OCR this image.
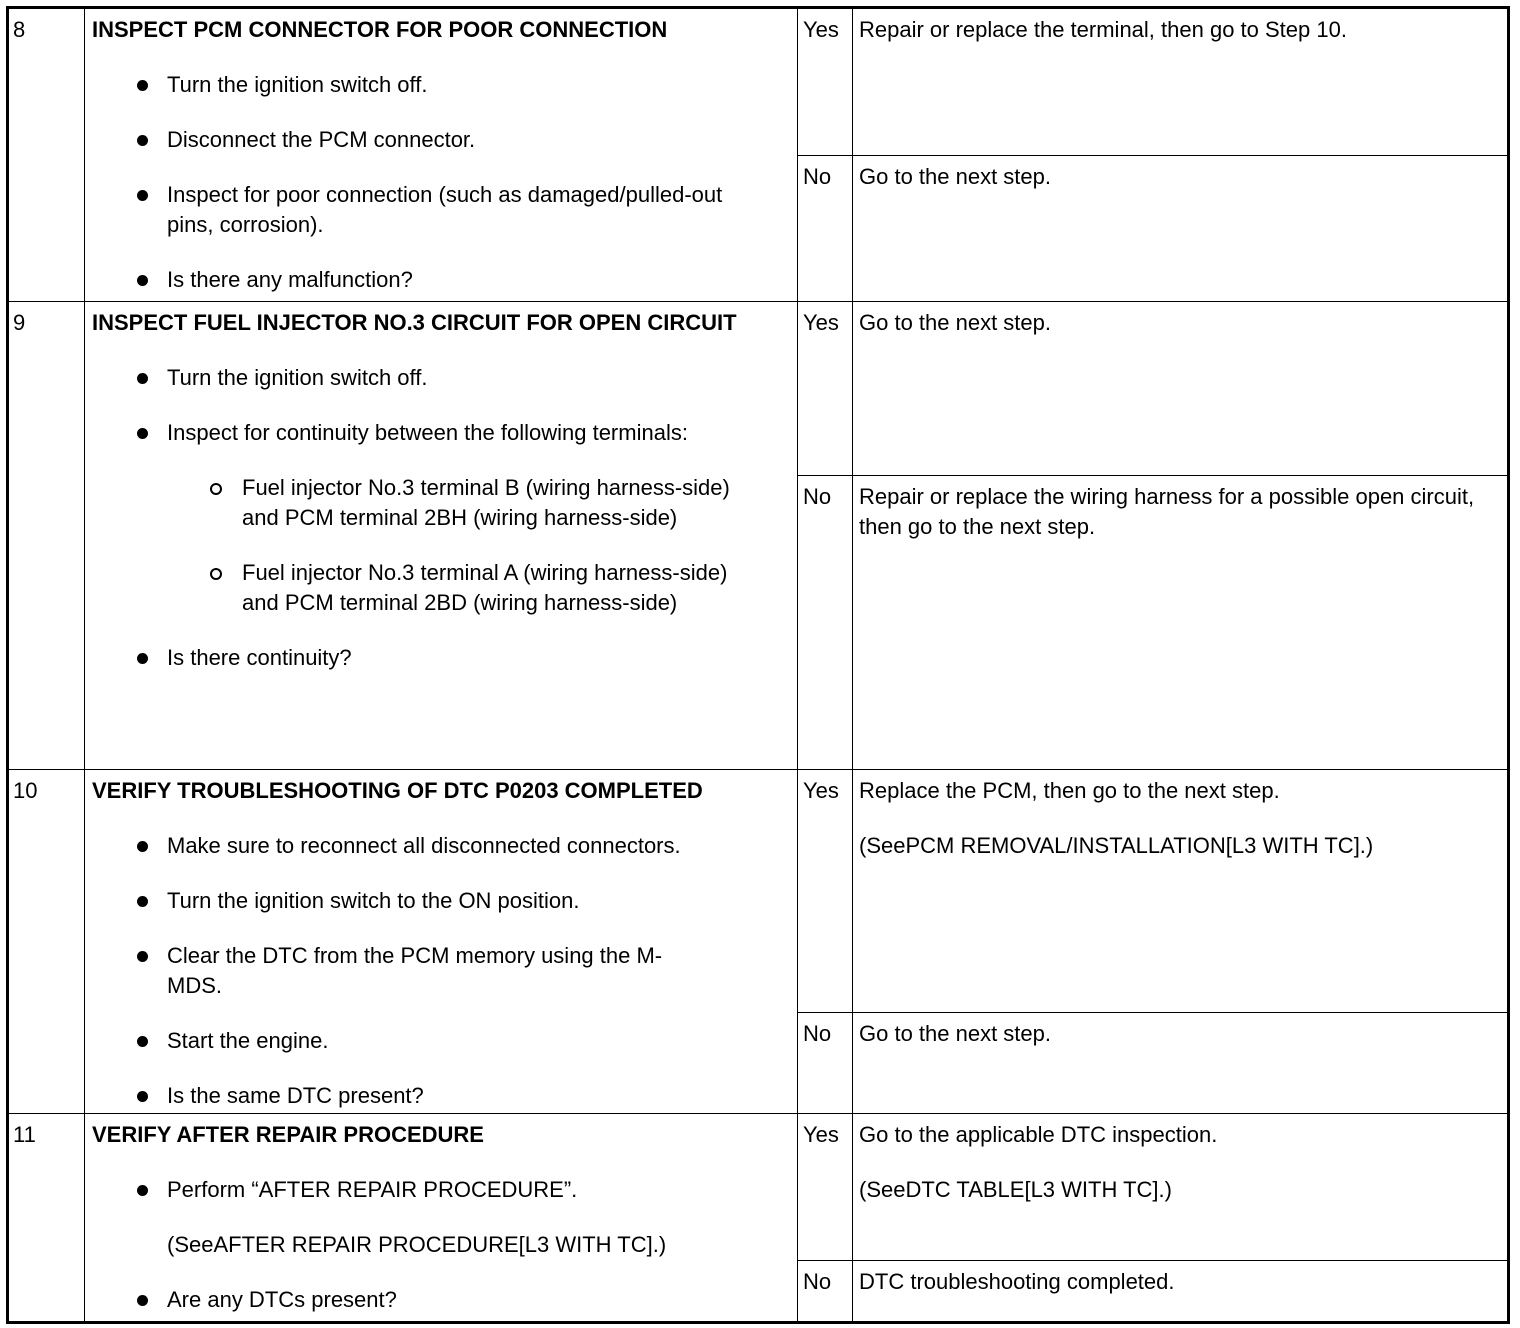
8	INSPECT PCM CONNECTOR FOR POOR CONNECTION
Turn the ignition switch off.
Disconnect the PCM connector.
Inspect for poor connection (such as damaged/pulled-out pins, corrosion).
Is there any malfunction?
Yes Repair or replace the terminal, then go to Step 10.

No	Go to the next step.

9	INSPECT FUEL INJECTOR NO.3 CIRCUIT FOR OPEN CIRCUIT
Turn the ignition switch off.
Inspect for continuity between the following terminals:
Fuel injector No.3 terminal B (wiring harness-side) and PCM terminal 2BH (wiring harness-side)
Fuel injector No.3 terminal A (wiring harness-side) and PCM terminal 2BD (wiring harness-side)
Is there continuity?
Yes Go to the next step.

No	Repair or replace the wiring harness for a possible open circuit, then go to the next step.

10	VERIFY TROUBLESHOOTING OF DTC P0203 COMPLETED
Make sure to reconnect all disconnected connectors.
Turn the ignition switch to the ON position.
Clear the DTC from the PCM memory using the M-MDS.
Start the engine.
Is the same DTC present?
Yes Replace the PCM, then go to the next step.

(SeePCM REMOVAL/INSTALLATION[L3 WITH TC].)

No	Go to the next step.

11	VERIFY AFTER REPAIR PROCEDURE
Perform “AFTER REPAIR PROCEDURE”.
(SeeAFTER REPAIR PROCEDURE[L3 WITH TC].)
Are any DTCs present?
Yes Go to the applicable DTC inspection.

(SeeDTC TABLE[L3 WITH TC].)

No	DTC troubleshooting completed.
